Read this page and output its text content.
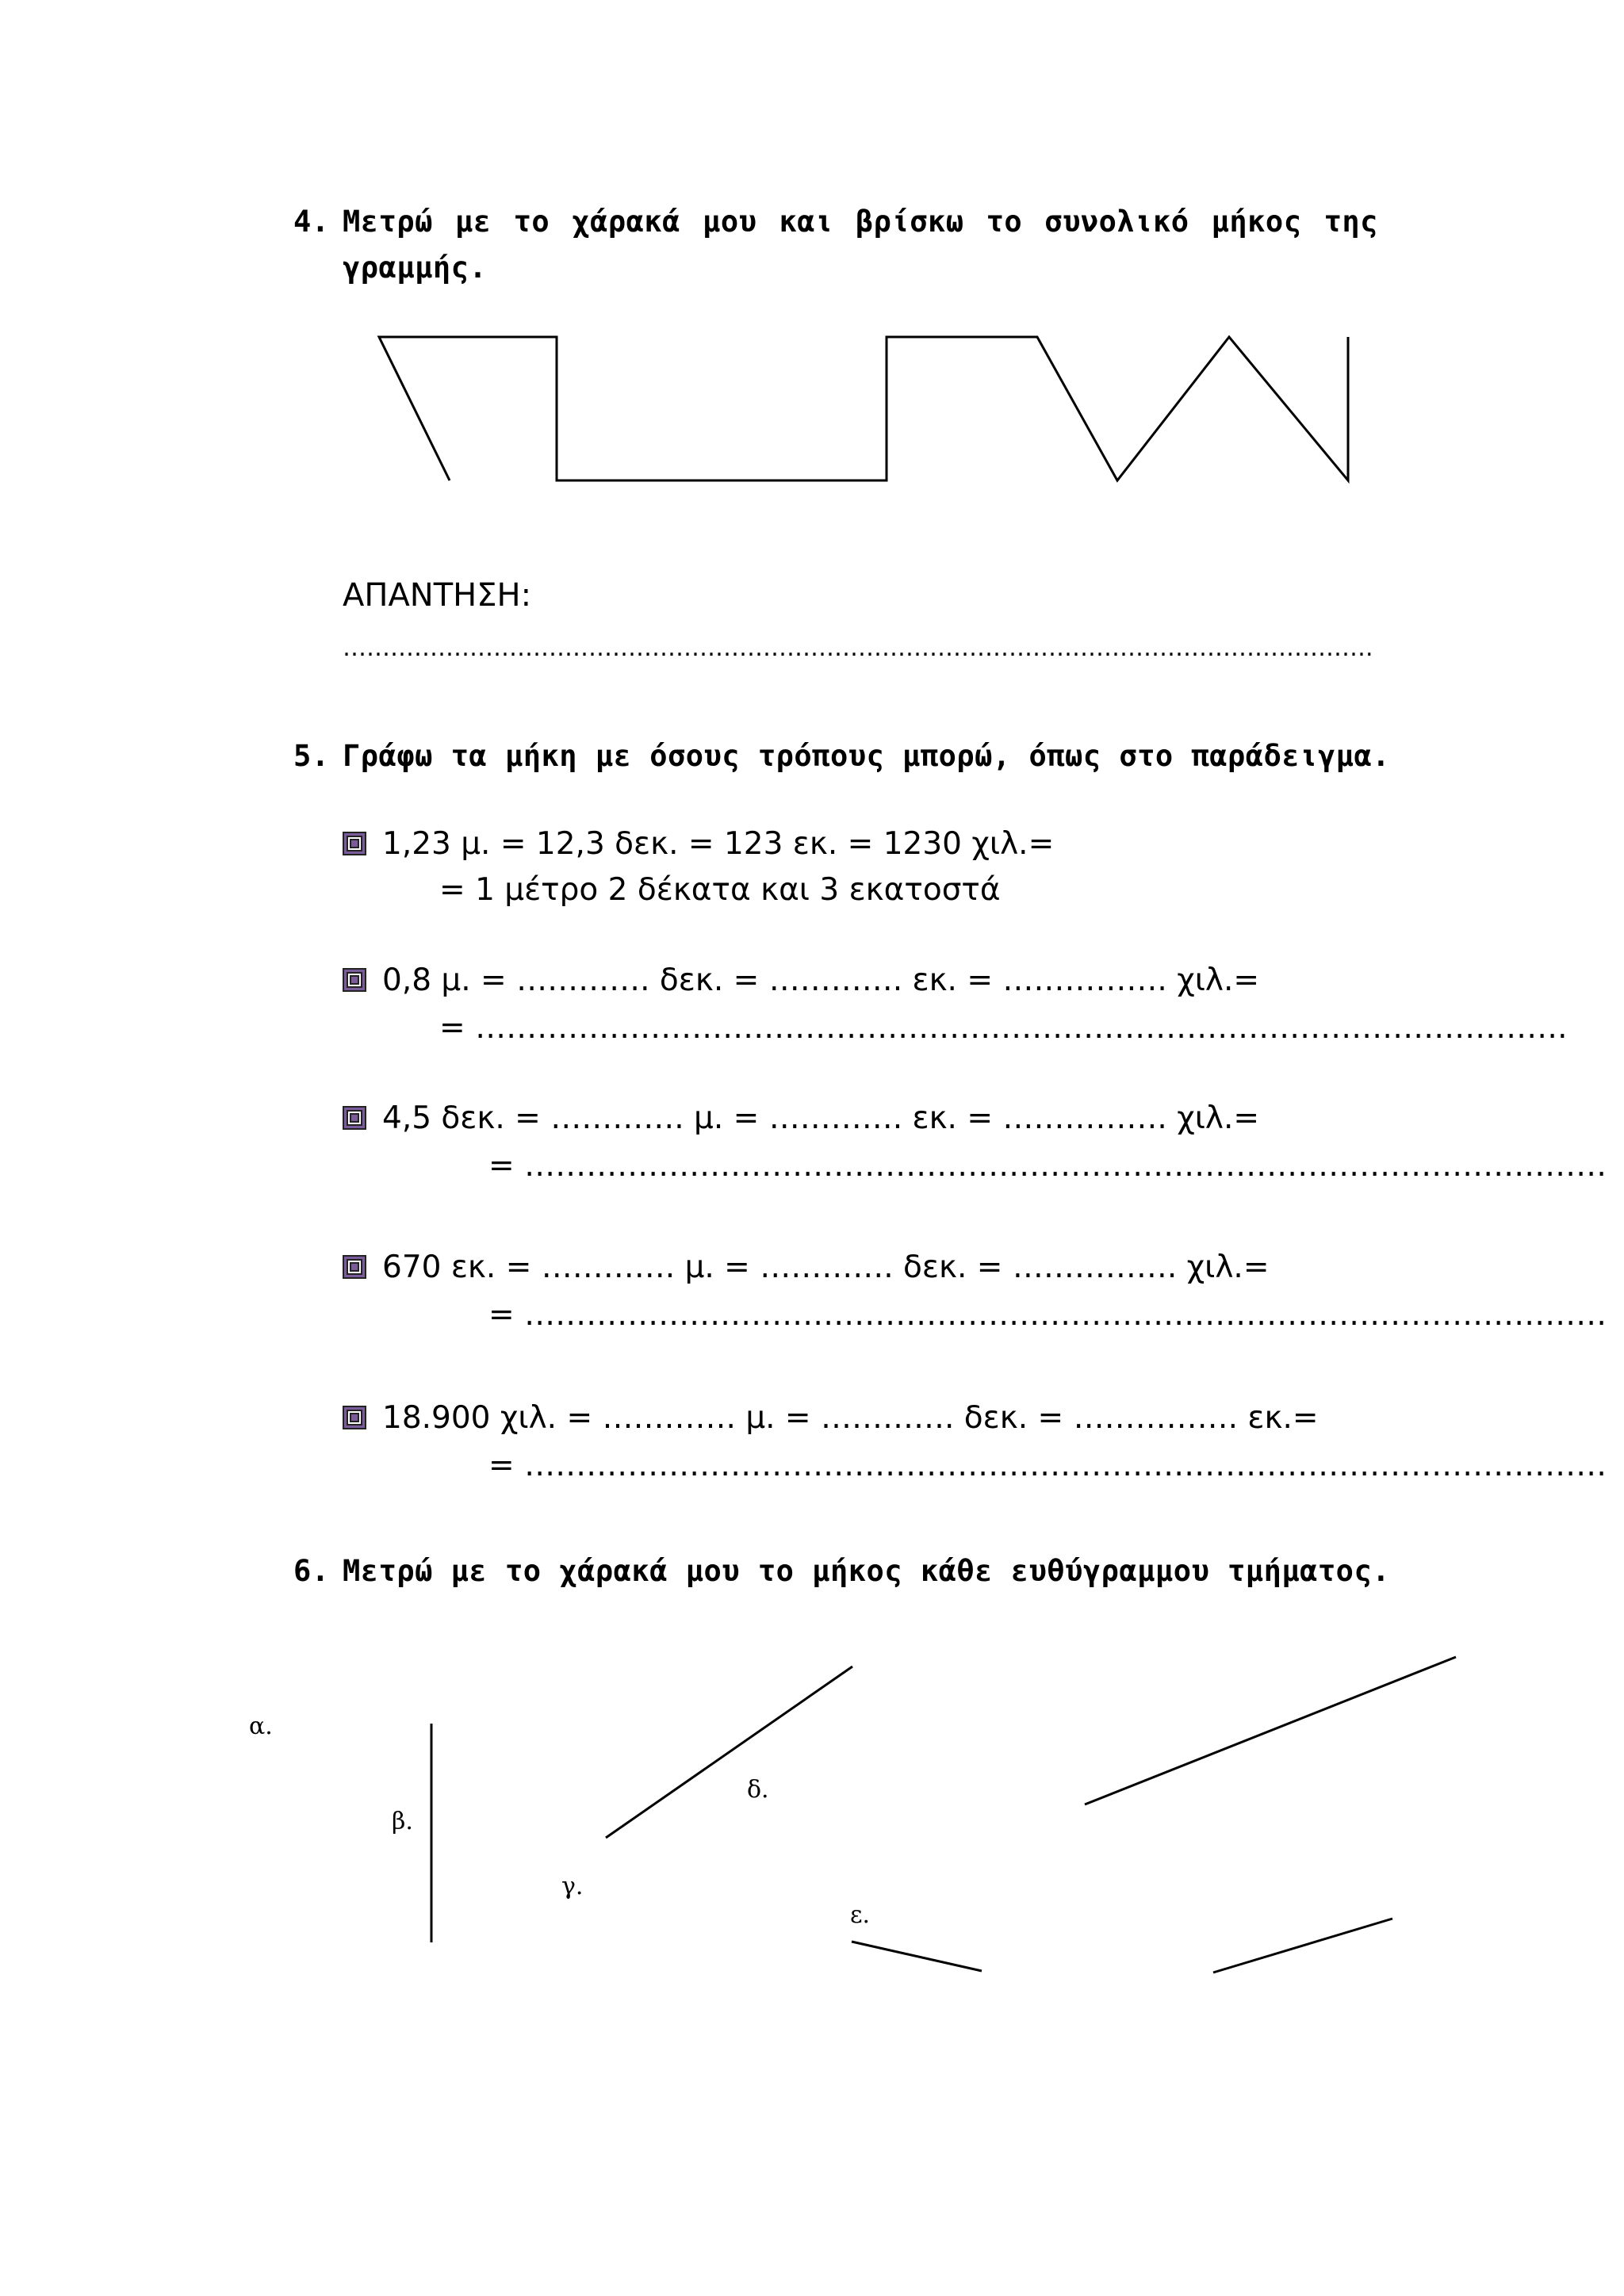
4. Μετρώ με το χάρακά μου και βρίσκω το συνολικό μήκος της
γραμμής.
ΑΠΑΝΤΗΣΗ:
………………………………………………………………………………………………………………….
5. Γράφω τα μήκη με όσους τρόπους μπορώ, όπως στο παράδειγμα.
1,23 μ. = 12,3 δεκ. = 123 εκ. = 1230 χιλ.=
= 1 μέτρο 2 δέκατα και 3 εκατοστά
0,8 μ. = …………. δεκ. = …………. εκ. = ……………. χιλ.=
= …………………………………………………………………………………………….
4,5 δεκ. = …………. μ. = …………. εκ. = ……………. χιλ.=
= ……………………………………………………………………………………………
670 εκ. = …………. μ. = …………. δεκ. = ……………. χιλ.=
= ……………………………………………………………………………………………
18.900 χιλ. = …………. μ. = …………. δεκ. = ……………. εκ.=
= ……………………………………………………………………………………………
6. Μετρώ με το χάρακά μου το μήκος κάθε ευθύγραμμου τμήματος.
α.
β.
γ.
δ.
ε.
